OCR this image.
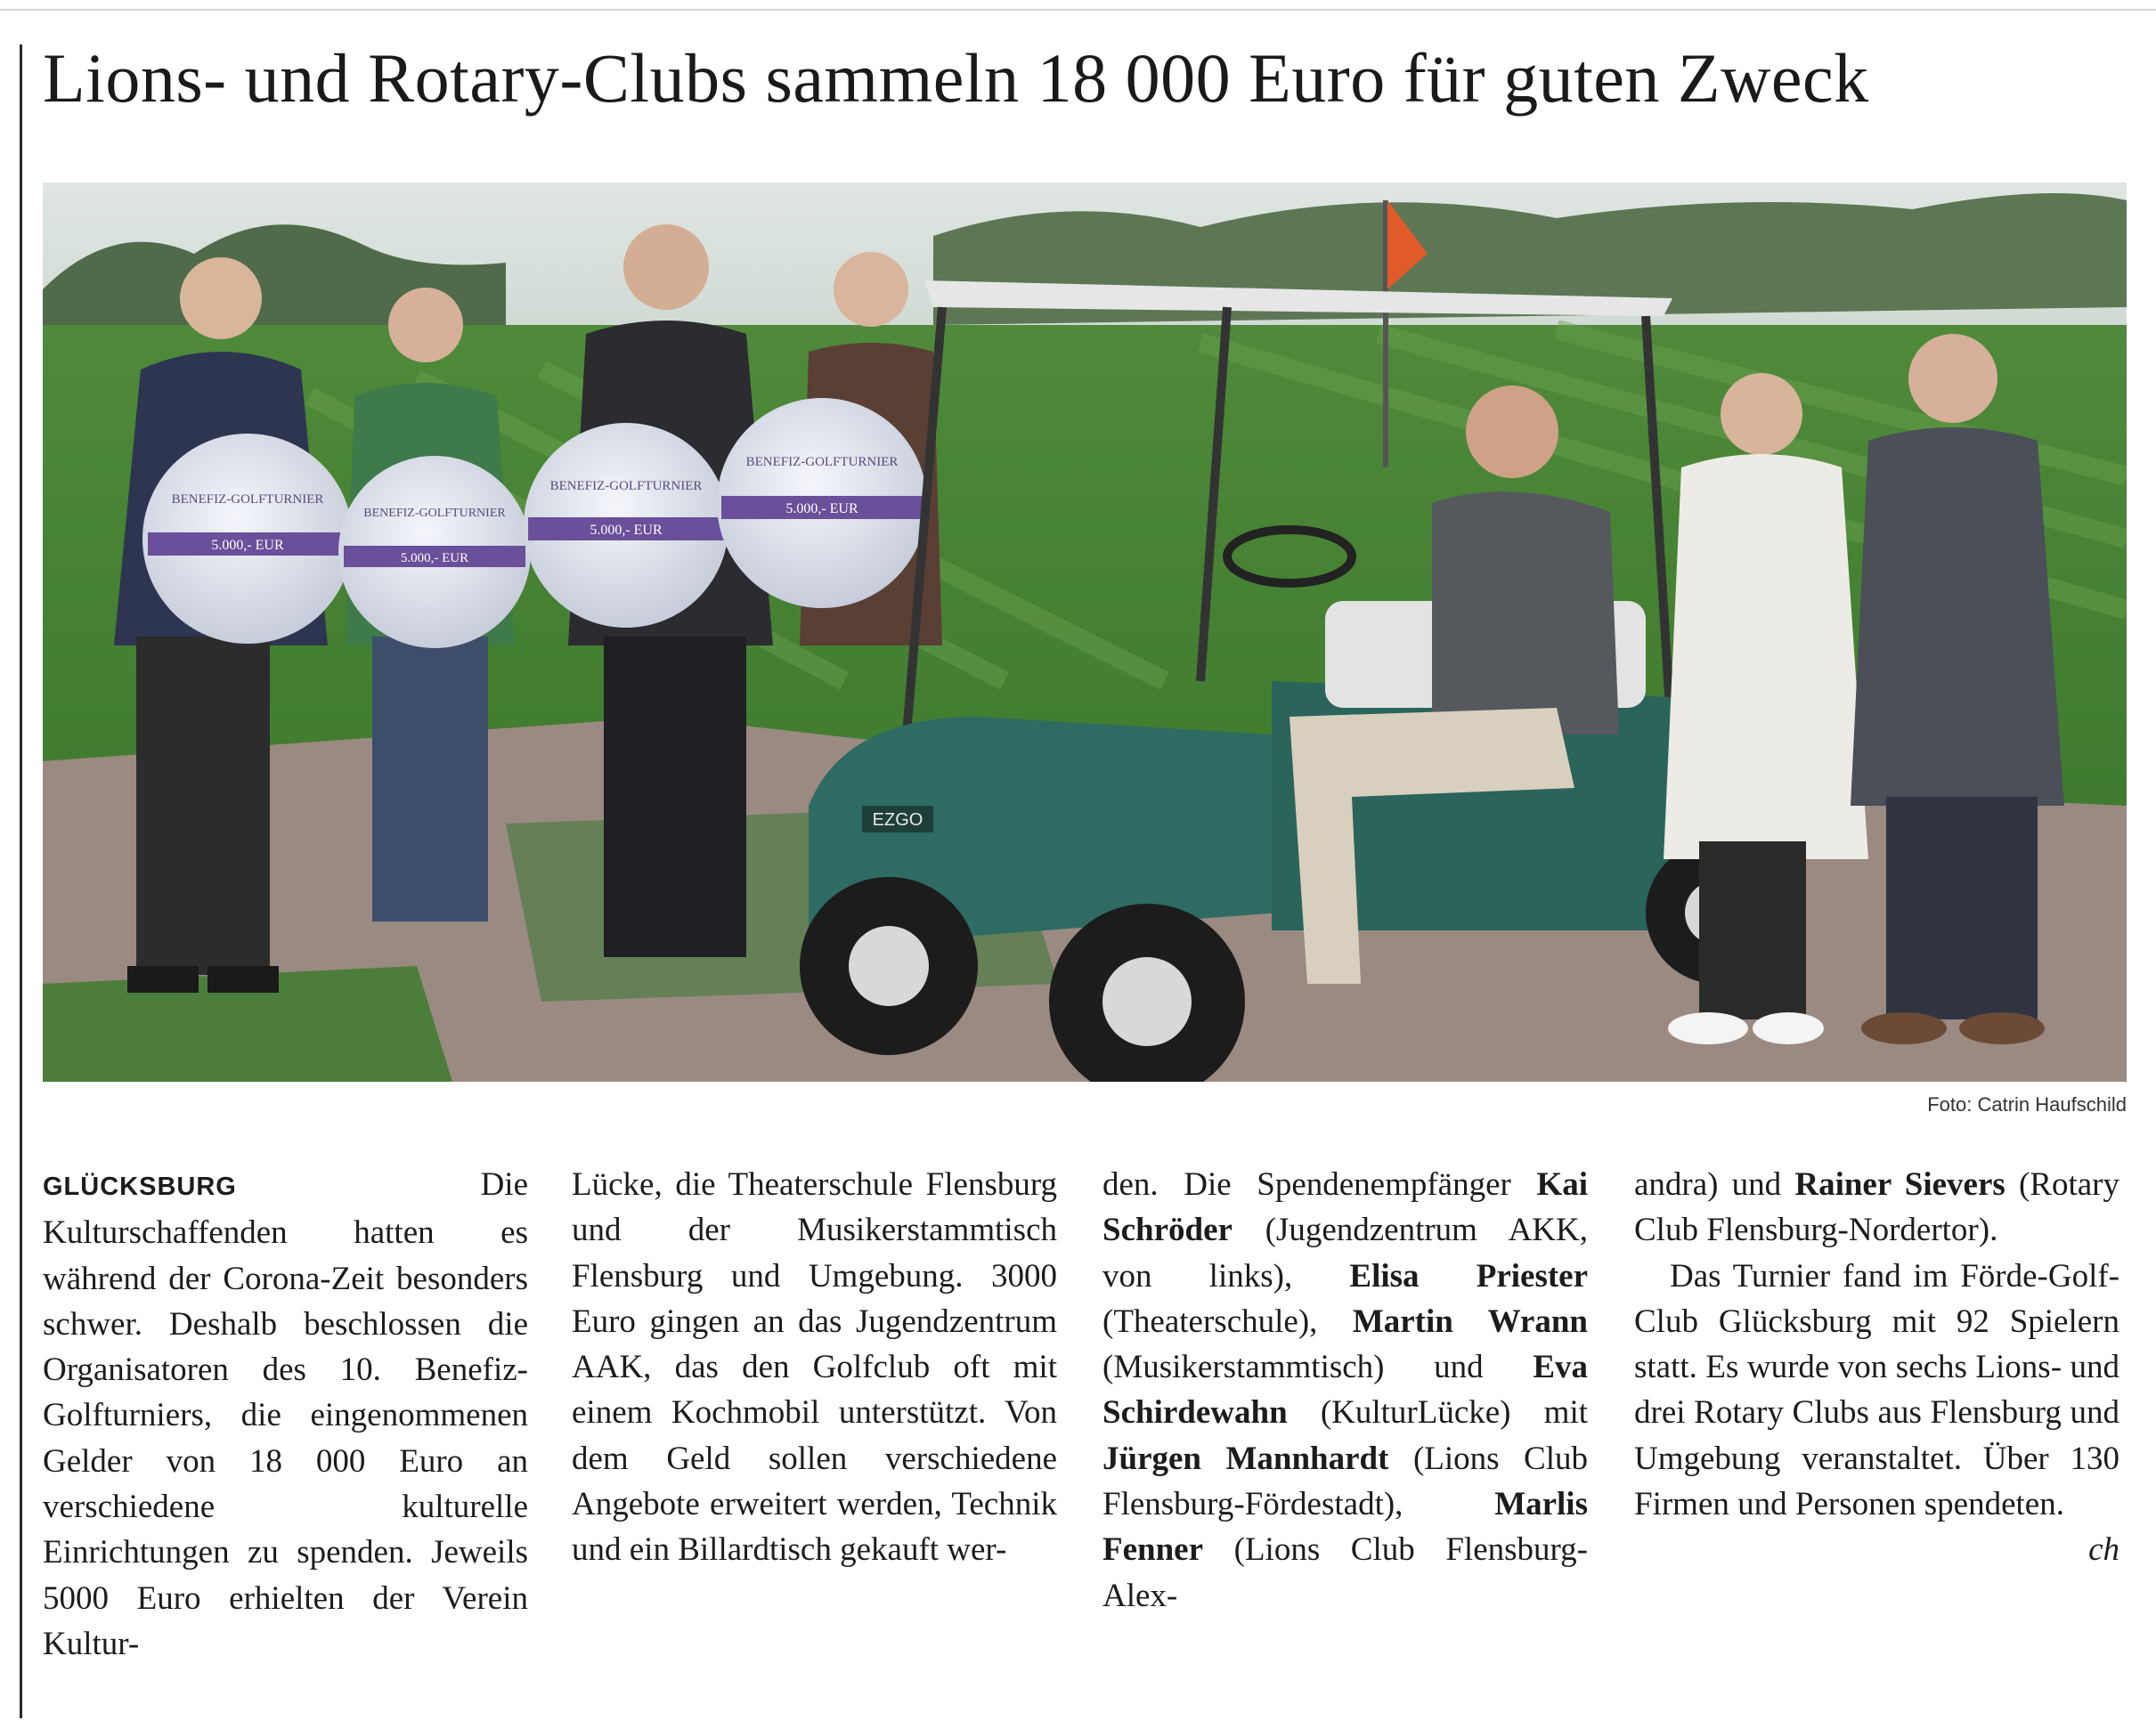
Lions- und Rotary-Clubs sammeln 18 000 Euro für guten Zweck
BENEFIZ-GOLFTURNIER
5.000,- EUR
BENEFIZ-GOLFTURNIER
5.000,- EUR
BENEFIZ-GOLFTURNIER
5.000,- EUR
BENEFIZ-GOLFTURNIER
5.000,- EUR
EZGO
Foto: Catrin Haufschild
GLÜCKSBURG	Die Kulturschaffenden hatten es während der Corona-Zeit besonders schwer. Deshalb beschlossen die Organisatoren des 10. Benefiz-Golfturniers, die eingenommenen Gelder von 18 000 Euro an verschiedene kulturelle Einrichtungen zu spenden. Jeweils 5000 Euro erhielten der Verein Kultur-
Lücke, die Theaterschule Flensburg und der Musikerstammtisch Flensburg und Umgebung. 3000 Euro gingen an das Jugendzentrum AAK, das den Golfclub oft mit einem Kochmobil unterstützt. Von dem Geld sollen verschiedene Angebote erweitert werden, Technik und ein Billardtisch gekauft wer-
den. Die Spendenempfänger Kai Schröder (Jugendzentrum AKK, von links), Elisa Priester (Theaterschule), Martin Wrann (Musikerstammtisch) und Eva Schirdewahn (KulturLücke) mit Jürgen Mannhardt (Lions Club Flensburg-Fördestadt),	Marlis Fenner (Lions Club Flensburg-Alex-
andra) und Rainer Sievers (Rotary Club Flensburg-Nordertor).
Das Turnier fand im Förde-Golf-Club Glücksburg mit 92 Spielern statt. Es wurde von sechs Lions- und drei Rotary Clubs aus Flensburg und Umgebung veranstaltet. Über 130 Firmen und Personen spendeten.
ch
